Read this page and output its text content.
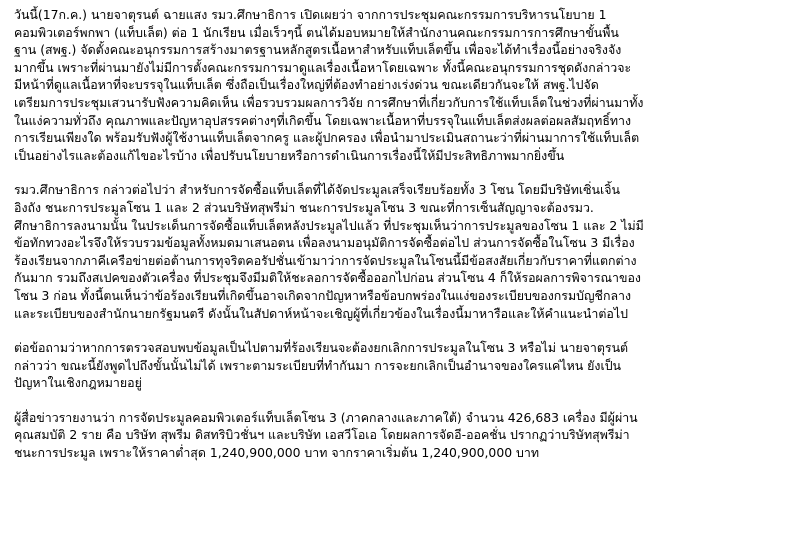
วันนี้(17ก.ค.) นายจาตุรนต์ ฉายแสง รมว.ศึกษาธิการ เปิดเผยว่า จากการประชุมคณะกรรมการบริหารนโยบาย 1
คอมพิวเตอร์พกพา (แท็บเล็ต) ต่อ 1 นักเรียน เมื่อเร็วๆนี้ ตนได้มอบหมายให้สำนักงานคณะกรรมการการศึกษาขั้นพื้น
ฐาน (สพฐ.) จัดตั้งคณะอนุกรรมการสร้างมาตรฐานหลักสูตรเนื้อหาสำหรับแท็บเล็ตขึ้น เพื่อจะได้ทำเรื่องนี้อย่างจริงจัง
มากขึ้น เพราะที่ผ่านมายังไม่มีการตั้งคณะกรรมการมาดูแลเรื่องเนื้อหาโดยเฉพาะ ทั้งนี้คณะอนุกรรมการชุดดังกล่าวจะ
มีหน้าที่ดูแลเนื้อหาที่จะบรรจุในแท็บเล็ต ซึ่งถือเป็นเรื่องใหญ่ที่ต้องทำอย่างเร่งด่วน ขณะเดียวกันจะให้ สพฐ.ไปจัด
เตรียมการประชุมเสวนารับฟังความคิดเห็น เพื่อรวบรวมผลการวิจัย การศึกษาที่เกี่ยวกับการใช้แท็บเล็ตในช่วงที่ผ่านมาทั้ง
ในแง่ความทั่วถึง คุณภาพและปัญหาอุปสรรคต่างๆที่เกิดขึ้น โดยเฉพาะเนื้อหาที่บรรจุในแท็บเล็ตส่งผลต่อผลสัมฤทธิ์ทาง
การเรียนเพียงใด พร้อมรับฟังผู้ใช้งานแท็บเล็ตจากครู และผู้ปกครอง เพื่อนำมาประเมินสถานะว่าที่ผ่านมาการใช้แท็บเล็ต
เป็นอย่างไรและต้องแก้ไขอะไรบ้าง เพื่อปรับนโยบายหรือการดำเนินการเรื่องนี้ให้มีประสิทธิภาพมากยิ่งขึ้น
รมว.ศึกษาธิการ กล่าวต่อไปว่า สำหรับการจัดซื้อแท็บเล็ตที่ได้จัดประมูลเสร็จเรียบร้อยทั้ง 3 โซน โดยมีบริษัทเซิ่นเจิ้น
อิงถัง ชนะการประมูลโซน 1 และ 2 ส่วนบริษัทสุพรีม่า ชนะการประมูลโซน 3 ขณะที่การเซ็นสัญญาจะต้องรมว.
ศึกษาธิการลงนามนั้น ในประเด็นการจัดซื้อแท็บเล็ตหลังประมูลไปแล้ว ที่ประชุมเห็นว่าการประมูลของโซน 1 และ 2 ไม่มี
ข้อทักทวงอะไรจึงให้รวบรวมข้อมูลทั้งหมดมาเสนอตน เพื่อลงนามอนุมัติการจัดซื้อต่อไป ส่วนการจัดซื้อในโซน 3 มีเรื่อง
ร้องเรียนจากภาคีเครือข่ายต่อต้านการทุจริตคอรัปชั่นเข้ามาว่าการจัดประมูลในโซนนี้มีข้อสงสัยเกี่ยวกับราคาที่แตกต่าง
กันมาก รวมถึงสเปคของตัวเครื่อง ที่ประชุมจึงมีมติให้ชะลอการจัดซื้อออกไปก่อน ส่วนโซน 4 ก็ให้รอผลการพิจารณาของ
โซน 3 ก่อน ทั้งนี้ตนเห็นว่าข้อร้องเรียนที่เกิดขึ้นอาจเกิดจากปัญหาหรือข้อบกพร่องในแง่ของระเบียบของกรมบัญชีกลาง
และระเบียบของสำนักนายกรัฐมนตรี ดังนั้นในสัปดาห์หน้าจะเชิญผู้ที่เกี่ยวข้องในเรื่องนี้มาหารือและให้คำแนะนำต่อไป
ต่อข้อถามว่าหากการตรวจสอบพบข้อมูลเป็นไปตามที่ร้องเรียนจะต้องยกเลิกการประมูลในโซน 3 หรือไม่ นายจาตุรนต์
กล่าวว่า ขณะนี้ยังพูดไปถึงขั้นนั้นไม่ได้ เพราะตามระเบียบที่ทำกันมา การจะยกเลิกเป็นอำนาจของใครแค่ไหน ยังเป็น
ปัญหาในเชิงกฎหมายอยู่
ผู้สื่อข่าวรายงานว่า การจัดประมูลคอมพิวเตอร์แท็บเล็ตโซน 3 (ภาคกลางและภาคใต้) จำนวน 426,683 เครื่อง มีผู้ผ่าน
คุณสมบัติ 2 ราย คือ บริษัท สุพรีม ดิสทริบิวชั่นฯ และบริษัท เอสวีโอเอ โดยผลการจัดอี-ออคชั่น ปรากฏว่าบริษัทสุพรีม่า
ชนะการประมูล เพราะให้ราคาต่ำสุด 1,240,900,000 บาท จากราคาเริ่มต้น 1,240,900,000 บาท
